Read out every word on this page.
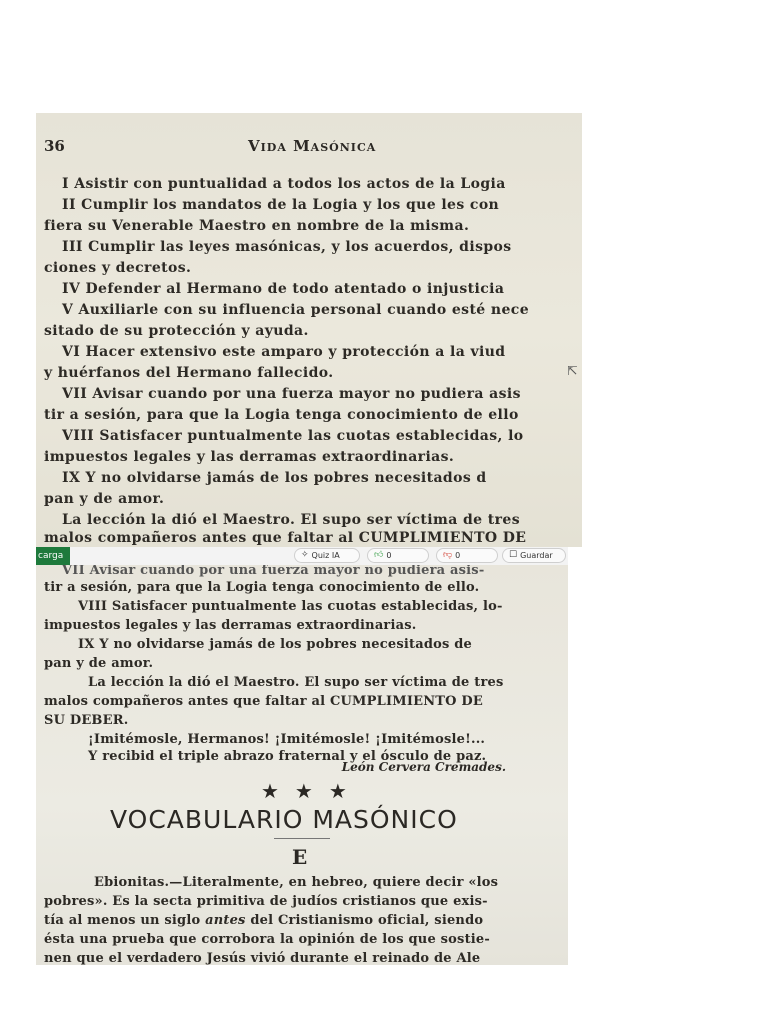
36	Vida Masónica
I Asistir con puntualidad a todos los actos de la Logia
II Cumplir los mandatos de la Logia y los que les con
fiera su Venerable Maestro en nombre de la misma.
III Cumplir las leyes masónicas, y los acuerdos, dispos
ciones y decretos.
IV Defender al Hermano de todo atentado o injusticia
V Auxiliarle con su influencia personal cuando esté nece
sitado de su protección y ayuda.
VI Hacer extensivo este amparo y protección a la viud
y huérfanos del Hermano fallecido.
VII Avisar cuando por una fuerza mayor no pudiera asis
tir a sesión, para que la Logia tenga conocimiento de ello
VIII Satisfacer puntualmente las cuotas establecidas, lo
impuestos legales y las derramas extraordinarias.
IX Y no olvidarse jamás de los pobres necesitados d
pan y de amor.
La lección la dió el Maestro. El supo ser víctima de tres
malos compañeros antes que faltar al CUMPLIMIENTO DE
⇱
carga	✧ Quiz IA	👍︎ 0	👎︎ 0	☐ Guardar
VII Avisar cuando por una fuerza mayor no pudiera asis-
tir a sesión, para que la Logia tenga conocimiento de ello.
VIII Satisfacer puntualmente las cuotas establecidas, lo-
impuestos legales y las derramas extraordinarias.
IX Y no olvidarse jamás de los pobres necesitados de
pan y de amor.
La lección la dió el Maestro. El supo ser víctima de tres
malos compañeros antes que faltar al CUMPLIMIENTO DE
SU DEBER.
¡Imitémosle, Hermanos! ¡Imitémosle! ¡Imitémosle!...
Y recibid el triple abrazo fraternal y el ósculo de paz.
León Cervera Cremades.
★★★
VOCABULARIO MASÓNICO
E
Ebionitas.—Literalmente, en hebreo, quiere decir «los
pobres». Es la secta primitiva de judíos cristianos que exis-
tía al menos un siglo antes del Cristianismo oficial, siendo
ésta una prueba que corrobora la opinión de los que sostie-
nen que el verdadero Jesús vivió durante el reinado de Ale
